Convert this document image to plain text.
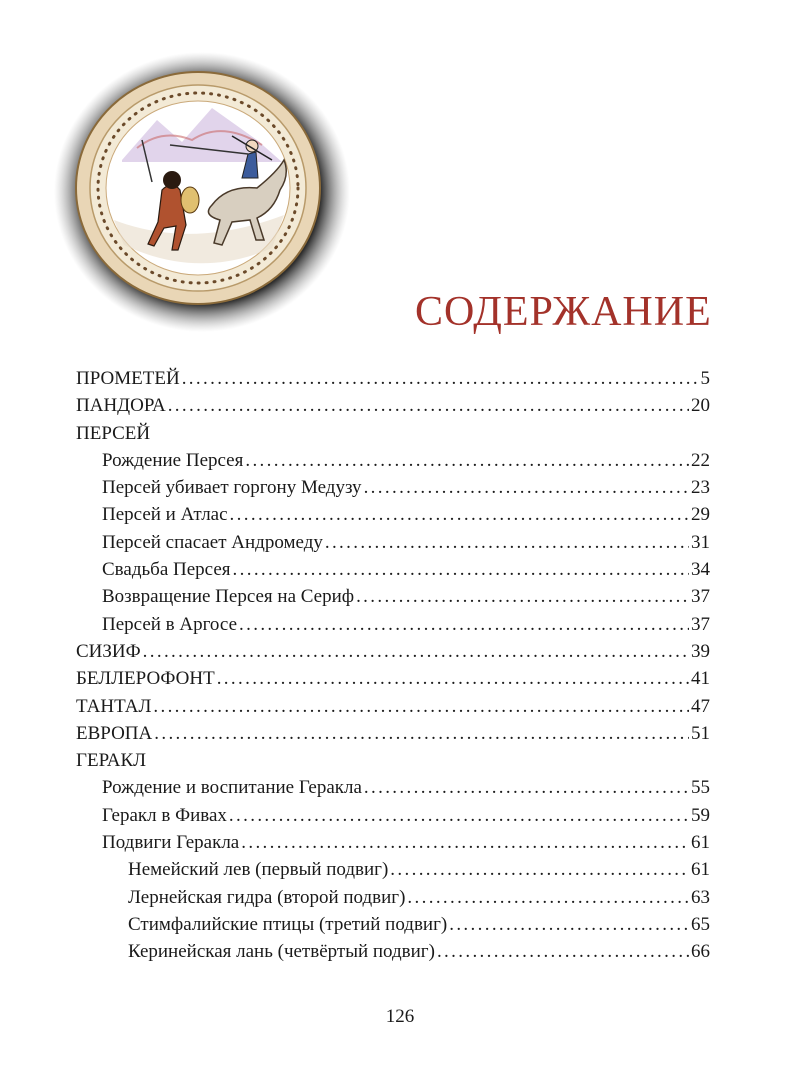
СОДЕРЖАНИЕ
ПРОМЕТЕЙ . . .	5
ПАНДОРА . . .	20
ПЕРСЕЙ
Рождение Персея . . .	22
Персей убивает горгону Медузу . . .	23
Персей и Атлас . . .	29
Персей спасает Андромеду . . .	31
Свадьба Персея . . .	34
Возвращение Персея на Сериф . . .	37
Персей в Аргосе . . .	37
СИЗИФ . . .	39
БЕЛЛЕРОФОНТ . . .	41
ТАНТАЛ . . .	47
ЕВРОПА . . .	51
ГЕРАКЛ
Рождение и воспитание Геракла . . .	55
Геракл в Фивах . . .	59
Подвиги Геракла . . .	61
Немейский лев (первый подвиг) . . .	61
Лернейская гидра (второй подвиг) . . .	63
Стимфалийские птицы (третий подвиг) . . .	65
Керинейская лань (четвёртый подвиг) . . .	66
126
